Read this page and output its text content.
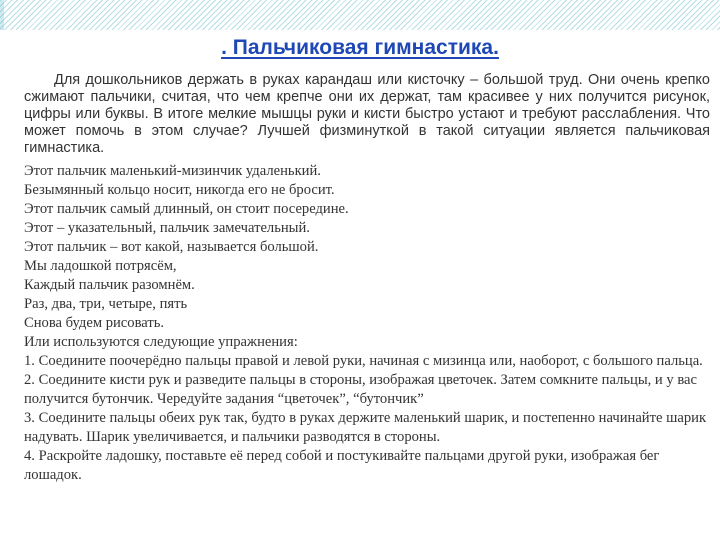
. Пальчиковая гимнастика.

Для дошкольников держать в руках карандаш или кисточку – большой труд. Они очень крепко сжимают пальчики, считая, что чем крепче они их держат, там красивее у них получится рисунок, цифры или буквы. В итоге мелкие мышцы руки и кисти быстро устают и требуют расслабления. Что может помочь в этом случае? Лучшей физминуткой в такой ситуации является пальчиковая гимнастика.

Этот пальчик маленький-мизинчик удаленький.

Безымянный кольцо носит, никогда его не бросит.

Этот пальчик самый длинный, он стоит посередине.

Этот – указательный, пальчик замечательный.

Этот пальчик – вот какой, называется большой.

Мы ладошкой потрясём,

Каждый пальчик разомнём.

Раз, два, три, четыре, пять

Снова будем рисовать.

Или используются следующие упражнения:

1. Соедините поочерёдно пальцы правой и левой руки, начиная с мизинца или, наоборот, с большого пальца.

2. Соедините кисти рук и разведите пальцы в стороны, изображая цветочек. Затем сомкните пальцы, и у вас получится бутончик. Чередуйте задания “цветочек”, “бутончик”

3. Соедините пальцы обеих рук так, будто в руках держите маленький шарик, и постепенно начинайте шарик надувать. Шарик увеличивается, и пальчики разводятся в стороны.

4. Раскройте ладошку, поставьте её перед собой и постукивайте пальцами другой руки, изображая бег лошадок.
